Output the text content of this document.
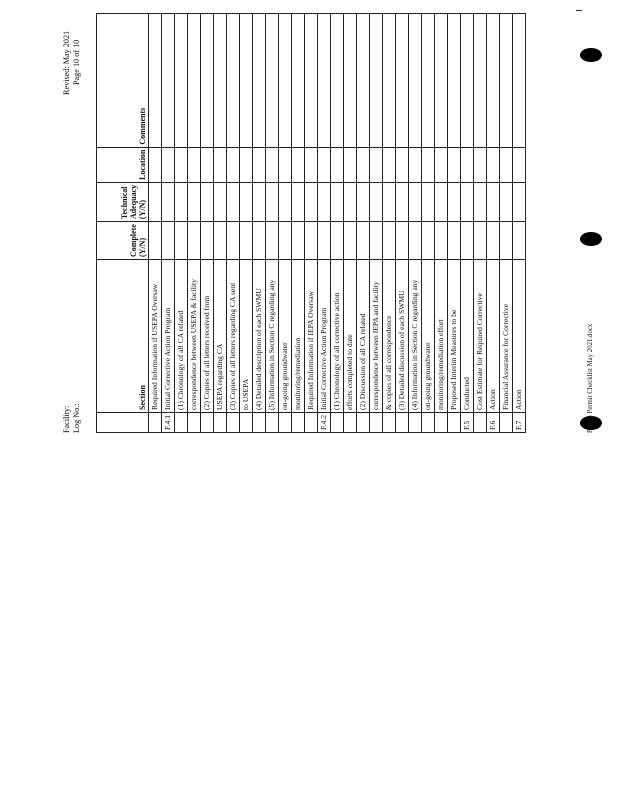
Facility: Log No.:
Revised: May 2021 Page 10 of 10
	Section	Complete (Y/N)	Technical Adequacy (Y/N)	Location	Comments
	Required Information if USEPA Oversaw				
F.4.1	Initial Corrective Action Program				
	(1) Chronology of all CA related				
	correspondence between USEPA & facility				
	(2) Copies of all letters received from				
	USEPA regarding CA				
	(3) Copies of all letters regarding CA sent				
	to USEPA				
	(4) Detailed description of each SWMU				
	(5) Information in Section C regarding any				
	on-going groundwater				
	monitoring/remediation				
	Required Information if IEPA Oversaw				
F.4.2	Initial Corrective Action Program				
	(1) Chronology of all corrective action				
	efforts completed to date				
	(2) Discussion of all CA related				
	correspondence between IEPA and facility				
	& copies of all correspondence				
	(3) Detailed discussion of each SWMU				
	(4) Information in Section C regarding any				
	on-going groundwater				
	monitoring/remediation effort				
	Proposed Interim Measures to be				
F.5	Conducted				
	Cost Estimate for Required Corrective				
F.6	Action				
	Financial Assurance for Corrective				
F.7	Action					Part-B Permit Checklist May 2021.docx
